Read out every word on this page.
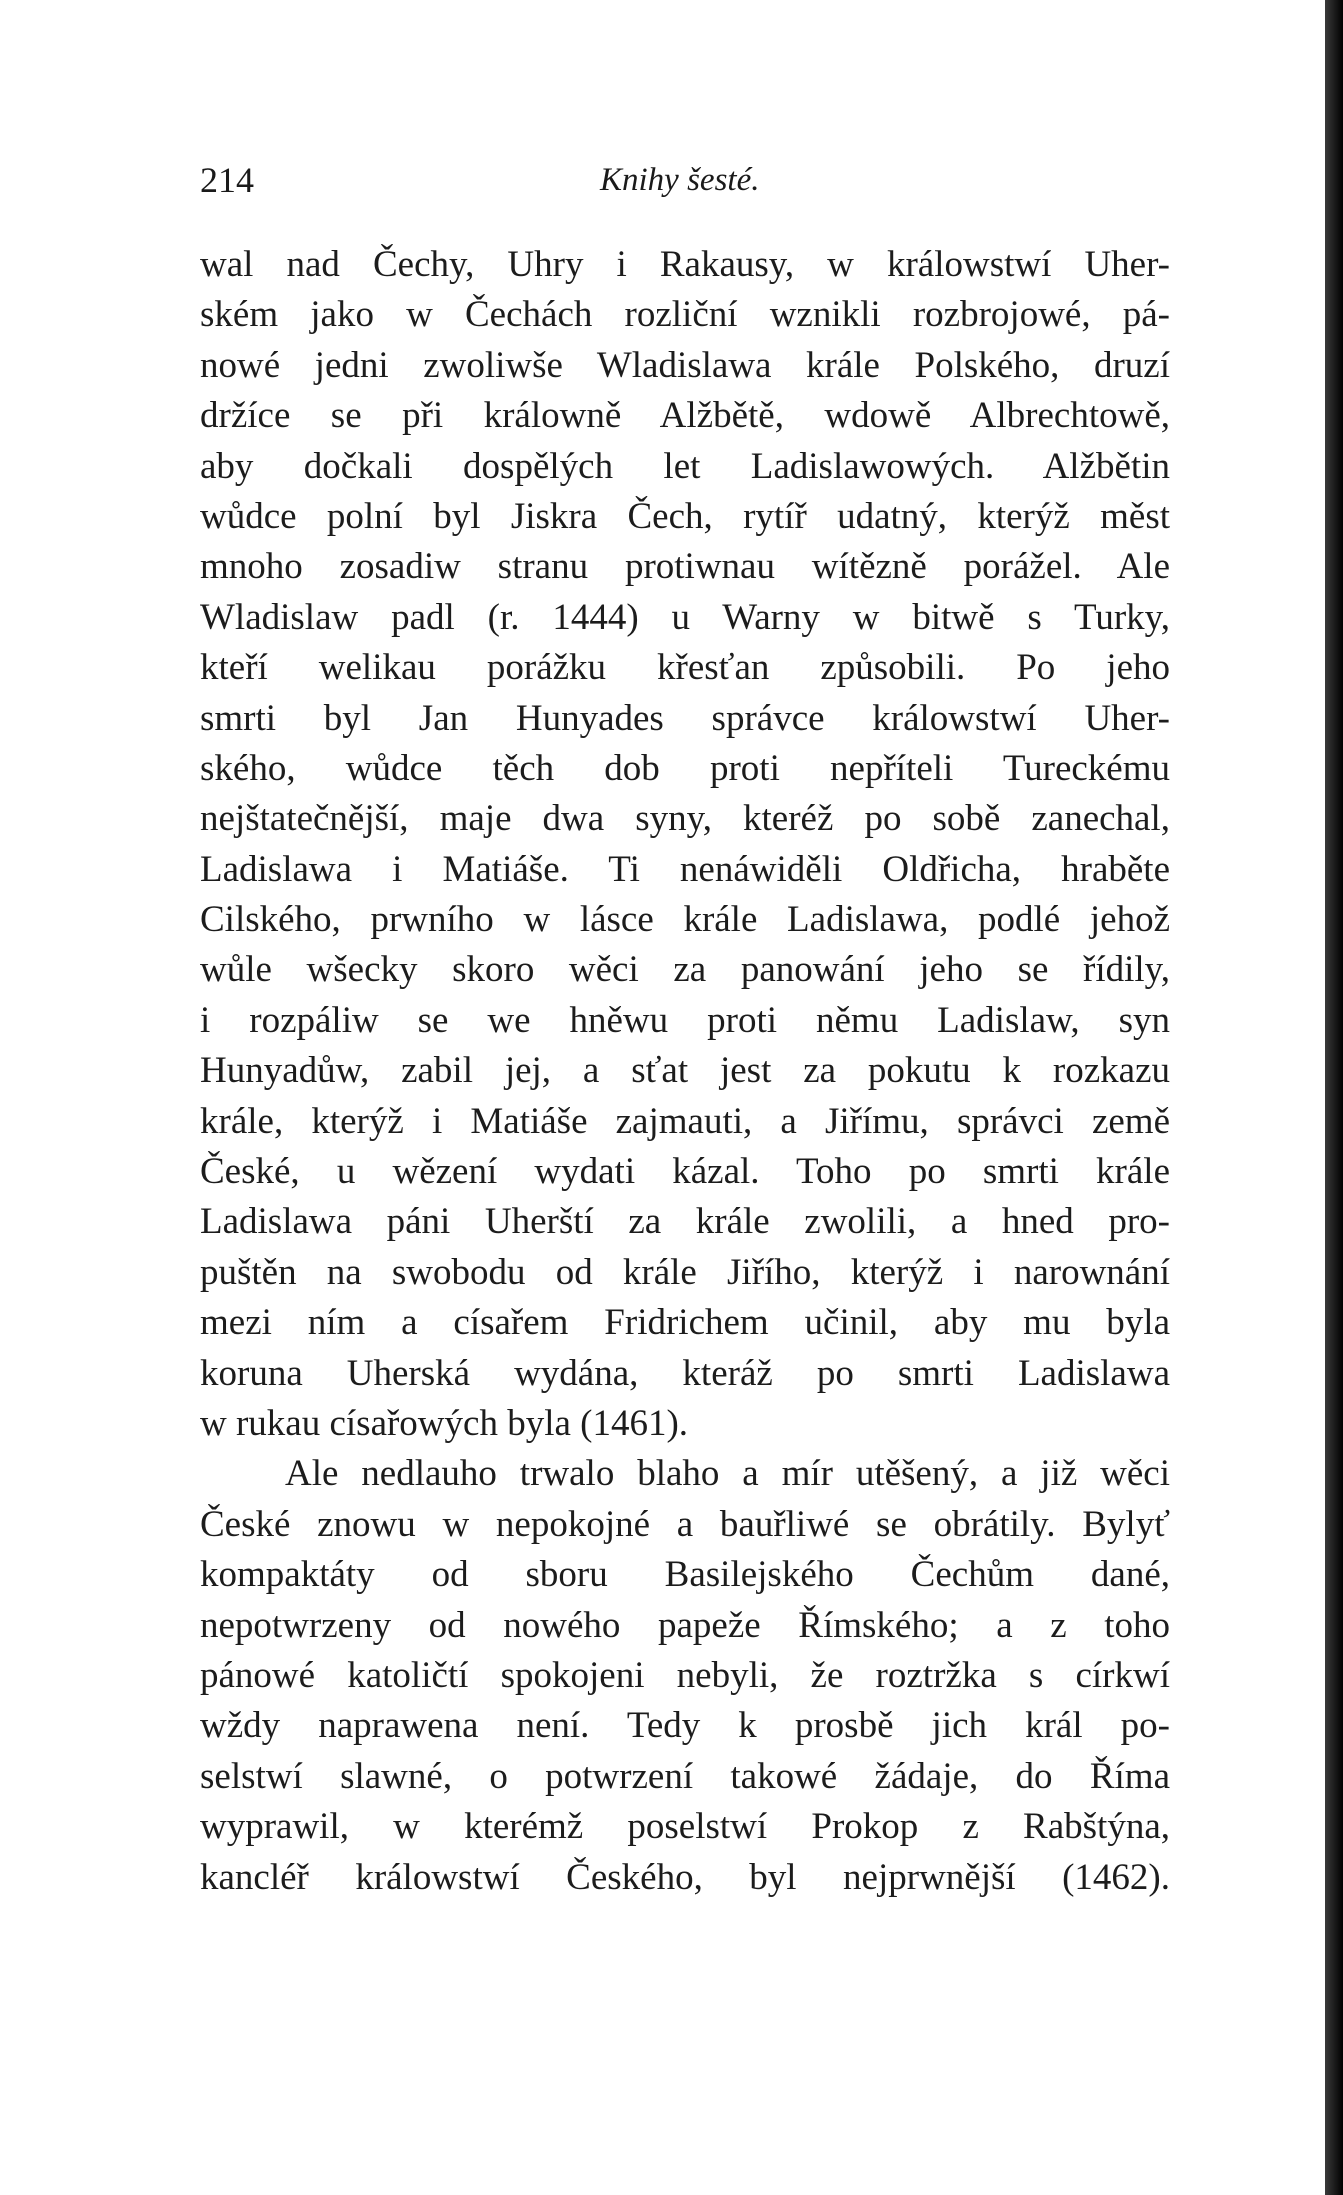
214	Knihy šesté.
wal nad Čechy, Uhry i Rakausy, w králowstwí Uher-
ském jako w Čechách rozliční wznikli rozbrojowé, pá-
nowé jedni zwoliwše Wladislawa krále Polského, druzí
držíce se při králowně Alžbětě, wdowě Albrechtowě,
aby dočkali dospělých let Ladislawowých. Alžbětin
wůdce polní byl Jiskra Čech, rytíř udatný, kterýž měst
mnoho zosadiw stranu protiwnau wítězně porážel. Ale
Wladislaw padl (r. 1444) u Warny w bitwě s Turky,
kteří welikau porážku křesťan způsobili. Po jeho
smrti byl Jan Hunyades správce králowstwí Uher-
ského, wůdce těch dob proti nepříteli Tureckému
nejštatečnější, maje dwa syny, kteréž po sobě zanechal,
Ladislawa i Matiáše. Ti nenáwiděli Oldřicha, hraběte
Cilského, prwního w lásce krále Ladislawa, podlé jehož
wůle wšecky skoro wěci za panowání jeho se řídily,
i rozpáliw se we hněwu proti němu Ladislaw, syn
Hunyadůw, zabil jej, a sťat jest za pokutu k rozkazu
krále, kterýž i Matiáše zajmauti, a Jiřímu, správci země
České, u wězení wydati kázal. Toho po smrti krále
Ladislawa páni Uherští za krále zwolili, a hned pro-
puštěn na swobodu od krále Jiřího, kterýž i narownání
mezi ním a císařem Fridrichem učinil, aby mu byla
koruna Uherská wydána, kteráž po smrti Ladislawa
w rukau císařowých byla (1461).
Ale nedlauho trwalo blaho a mír utěšený, a již wěci
České znowu w nepokojné a bauřliwé se obrátily. Bylyť
kompaktáty od sboru Basilejského Čechům dané,
nepotwrzeny od nowého papeže Římského; a z toho
pánowé katoličtí spokojeni nebyli, že roztržka s církwí
wždy naprawena není. Tedy k prosbě jich král po-
selstwí slawné, o potwrzení takowé žádaje, do Říma
wyprawil, w kterémž poselstwí Prokop z Rabštýna,
kancléř králowstwí Českého, byl nejprwnější (1462).
